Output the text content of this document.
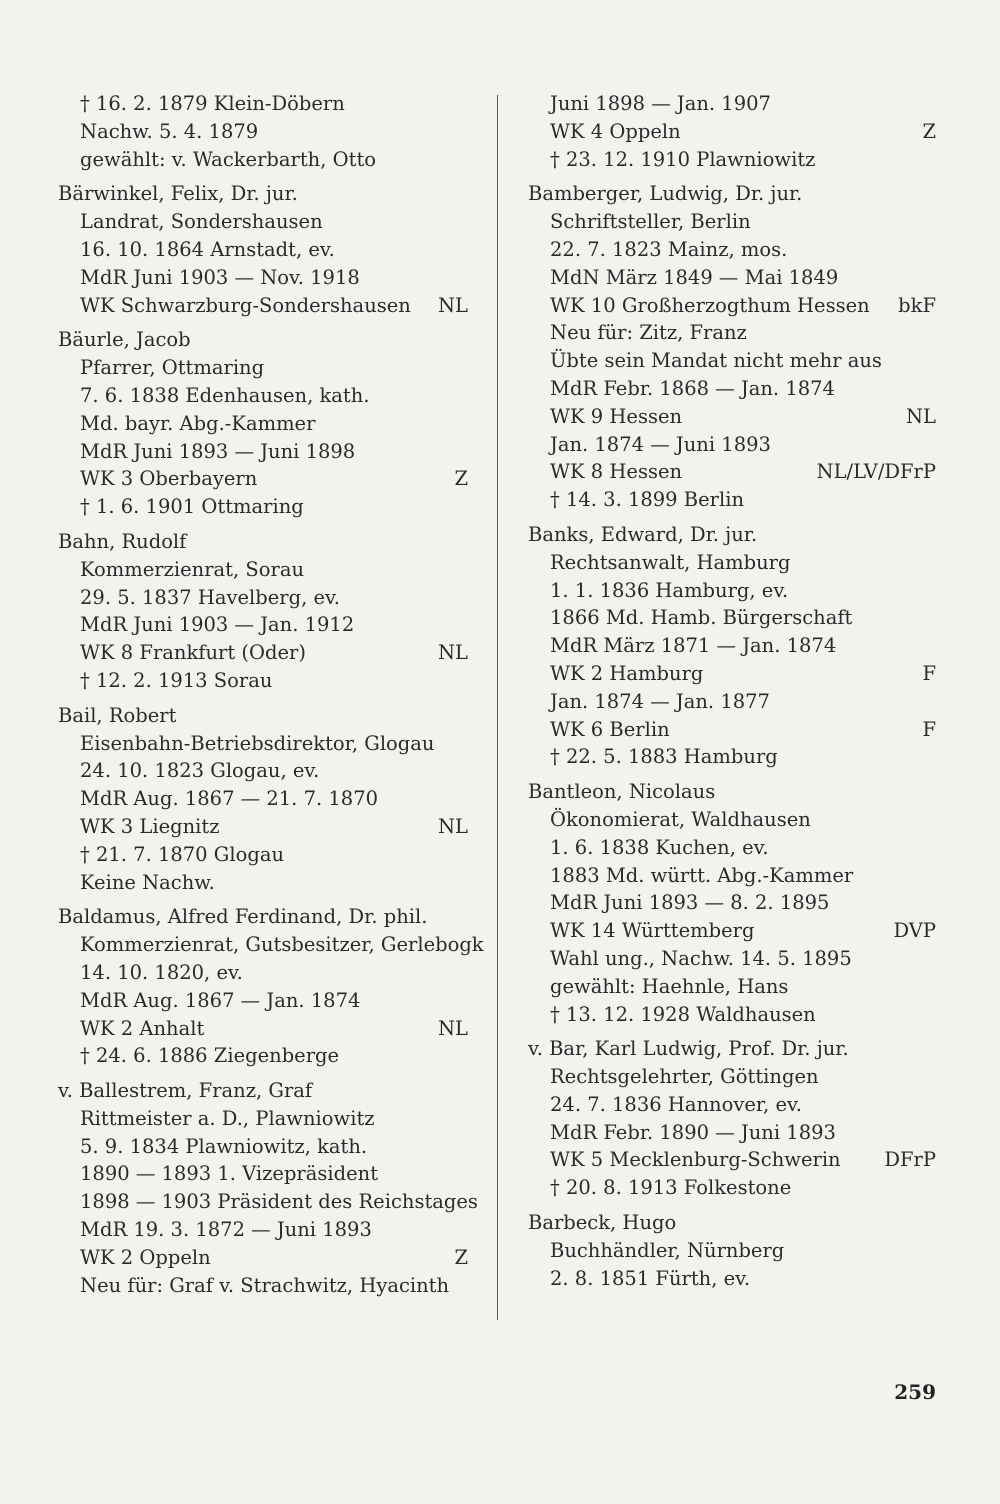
† 16. 2. 1879 Klein-Döbern
Nachw. 5. 4. 1879
gewählt: v. Wackerbarth, Otto
Bärwinkel, Felix, Dr. jur.
Landrat, Sondershausen
16. 10. 1864 Arnstadt, ev.
MdR Juni 1903 — Nov. 1918
WK Schwarzburg-Sondershausen NL
Bäurle, Jacob
Pfarrer, Ottmaring
7. 6. 1838 Edenhausen, kath.
Md. bayr. Abg.-Kammer
MdR Juni 1893 — Juni 1898
WK 3 Oberbayern	Z
† 1. 6. 1901 Ottmaring
Bahn, Rudolf
Kommerzienrat, Sorau
29. 5. 1837 Havelberg, ev.
MdR Juni 1903 — Jan. 1912
WK 8 Frankfurt (Oder)	NL
† 12. 2. 1913 Sorau
Bail, Robert
Eisenbahn-Betriebsdirektor, Glogau
24. 10. 1823 Glogau, ev.
MdR Aug. 1867 — 21. 7. 1870
WK 3 Liegnitz	NL
† 21. 7. 1870 Glogau
Keine Nachw.
Baldamus, Alfred Ferdinand, Dr. phil.
Kommerzienrat, Gutsbesitzer, Gerlebogk
14. 10. 1820, ev.
MdR Aug. 1867 — Jan. 1874
WK 2 Anhalt	NL
† 24. 6. 1886 Ziegenberge
v. Ballestrem, Franz, Graf
Rittmeister a. D., Plawniowitz
5. 9. 1834 Plawniowitz, kath.
1890 — 1893 1. Vizepräsident
1898 — 1903 Präsident des Reichstages
MdR 19. 3. 1872 — Juni 1893
WK 2 Oppeln	Z
Neu für: Graf v. Strachwitz, Hyacinth
Juni 1898 — Jan. 1907
WK 4 Oppeln	Z
† 23. 12. 1910 Plawniowitz
Bamberger, Ludwig, Dr. jur.
Schriftsteller, Berlin
22. 7. 1823 Mainz, mos.
MdN März 1849 — Mai 1849
WK 10 Großherzogthum Hessen bkF
Neu für: Zitz, Franz
Übte sein Mandat nicht mehr aus
MdR Febr. 1868 — Jan. 1874
WK 9 Hessen	NL
Jan. 1874 — Juni 1893
WK 8 Hessen	NL/LV/DFrP
† 14. 3. 1899 Berlin
Banks, Edward, Dr. jur.
Rechtsanwalt, Hamburg
1. 1. 1836 Hamburg, ev.
1866 Md. Hamb. Bürgerschaft
MdR März 1871 — Jan. 1874
WK 2 Hamburg	F
Jan. 1874 — Jan. 1877
WK 6 Berlin	F
† 22. 5. 1883 Hamburg
Bantleon, Nicolaus
Ökonomierat, Waldhausen
1. 6. 1838 Kuchen, ev.
1883 Md. württ. Abg.-Kammer
MdR Juni 1893 — 8. 2. 1895
WK 14 Württemberg	DVP
Wahl ung., Nachw. 14. 5. 1895
gewählt: Haehnle, Hans
† 13. 12. 1928 Waldhausen
v. Bar, Karl Ludwig, Prof. Dr. jur.
Rechtsgelehrter, Göttingen
24. 7. 1836 Hannover, ev.
MdR Febr. 1890 — Juni 1893
WK 5 Mecklenburg-Schwerin DFrP
† 20. 8. 1913 Folkestone
Barbeck, Hugo
Buchhändler, Nürnberg
2. 8. 1851 Fürth, ev.
259
